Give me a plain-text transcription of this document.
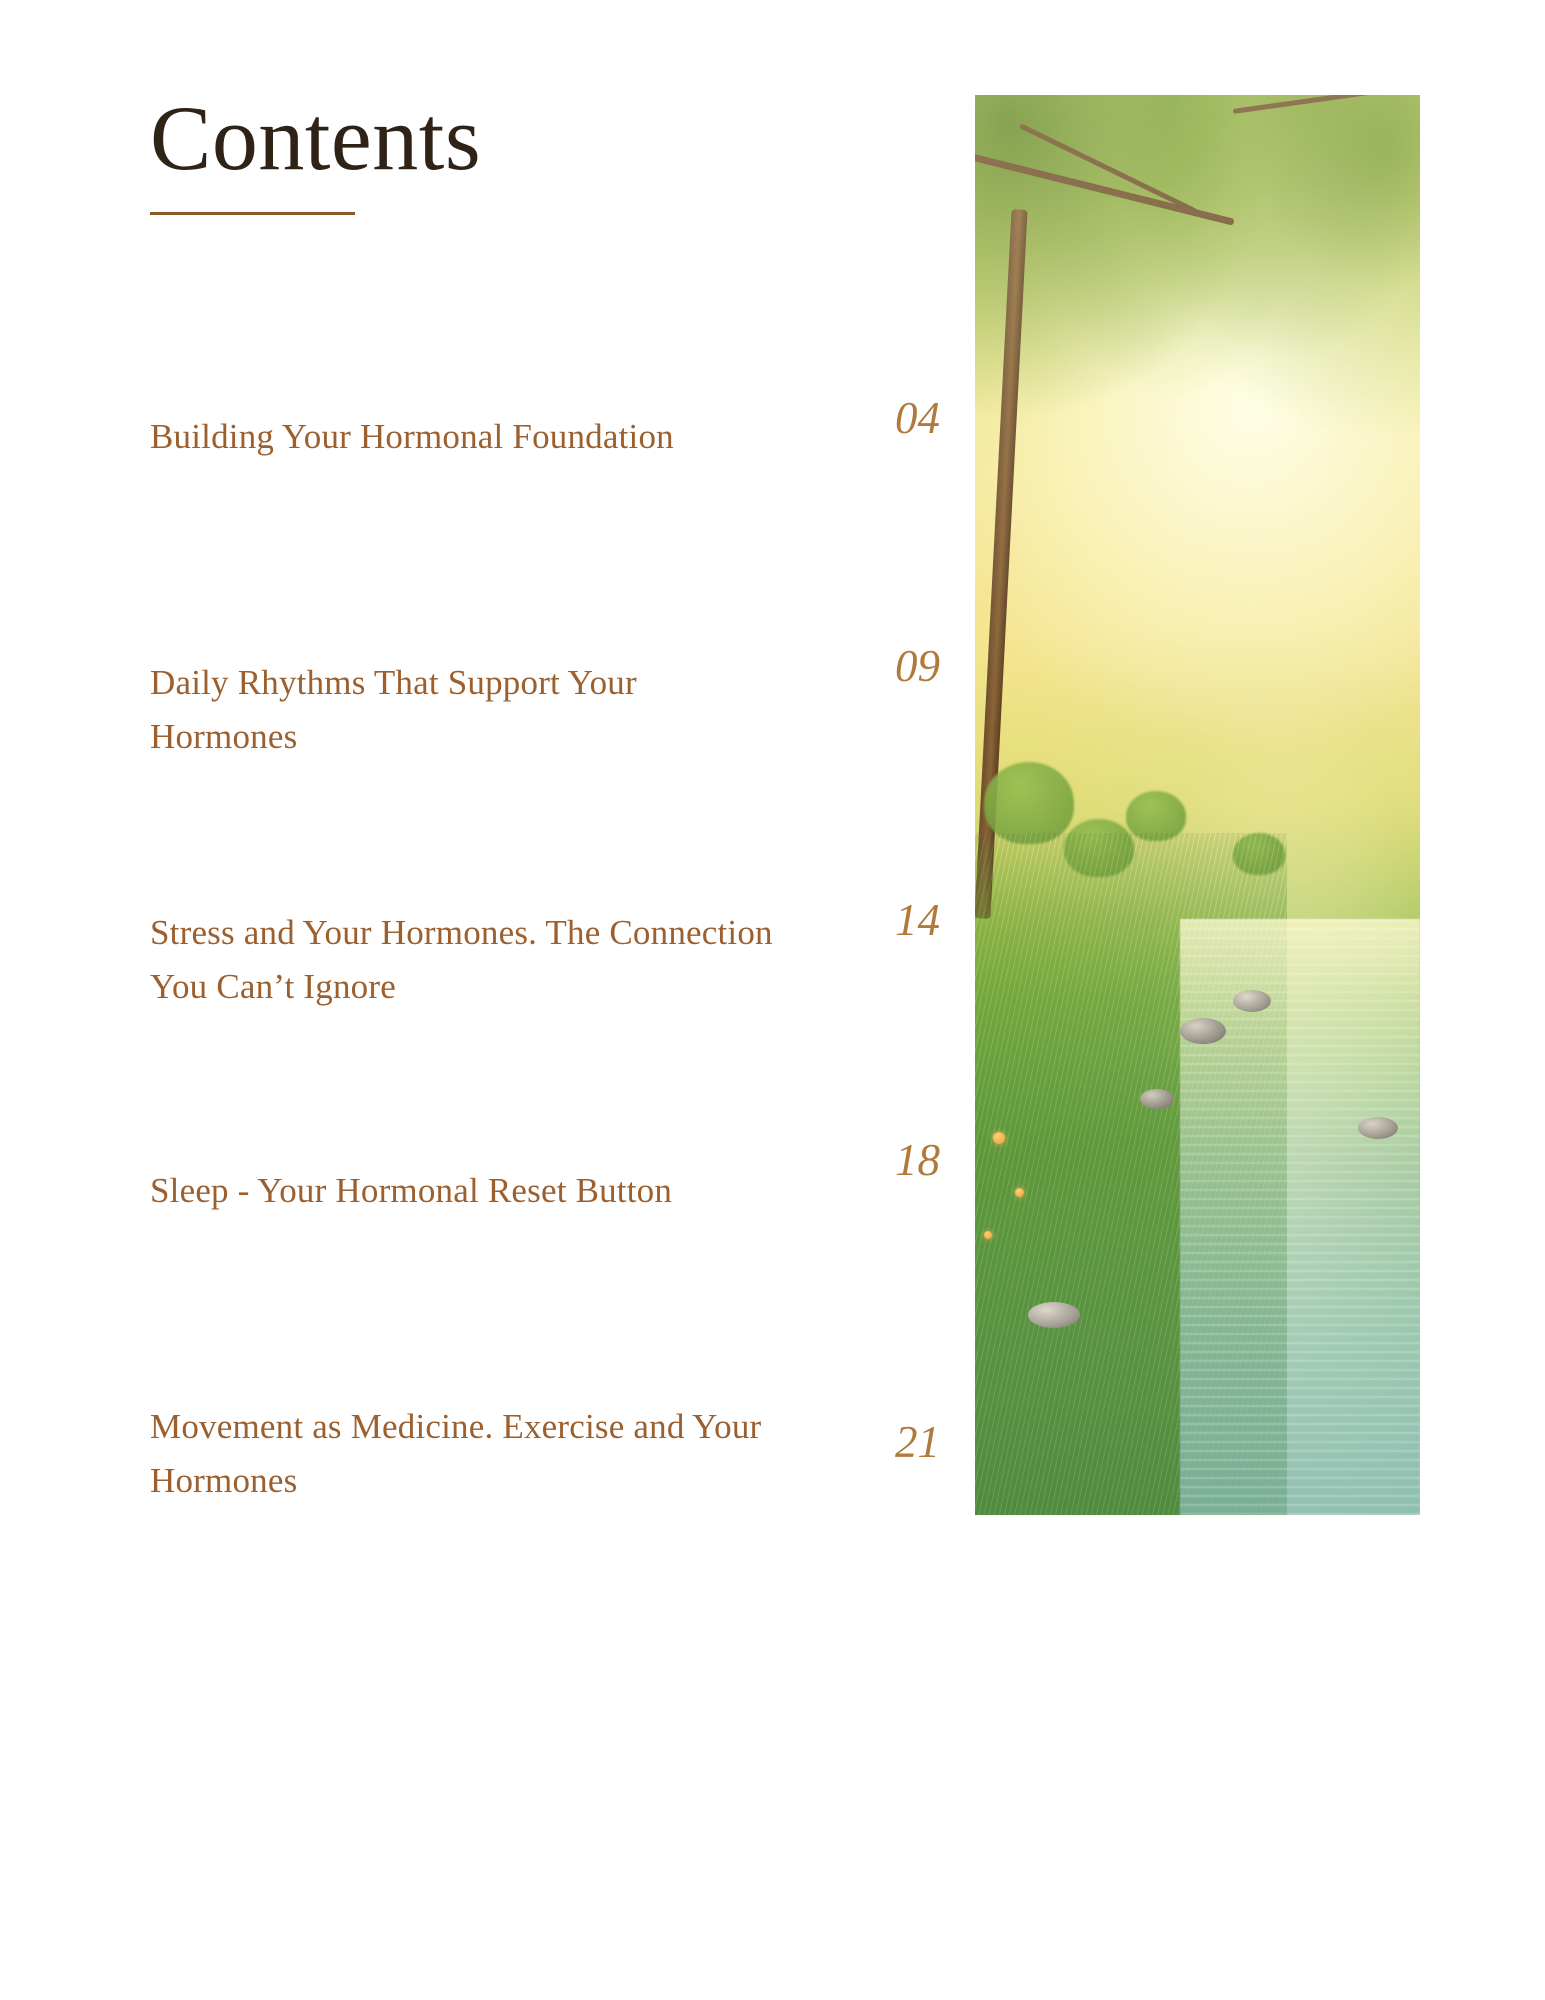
Contents
Building Your Hormonal Foundation	04
Daily Rhythms That Support Your Hormones
09
Stress and Your Hormones. The Connection You Can’t Ignore
14
Sleep - Your Hormonal Reset Button
18
Movement as Medicine. Exercise and Your Hormones
21
